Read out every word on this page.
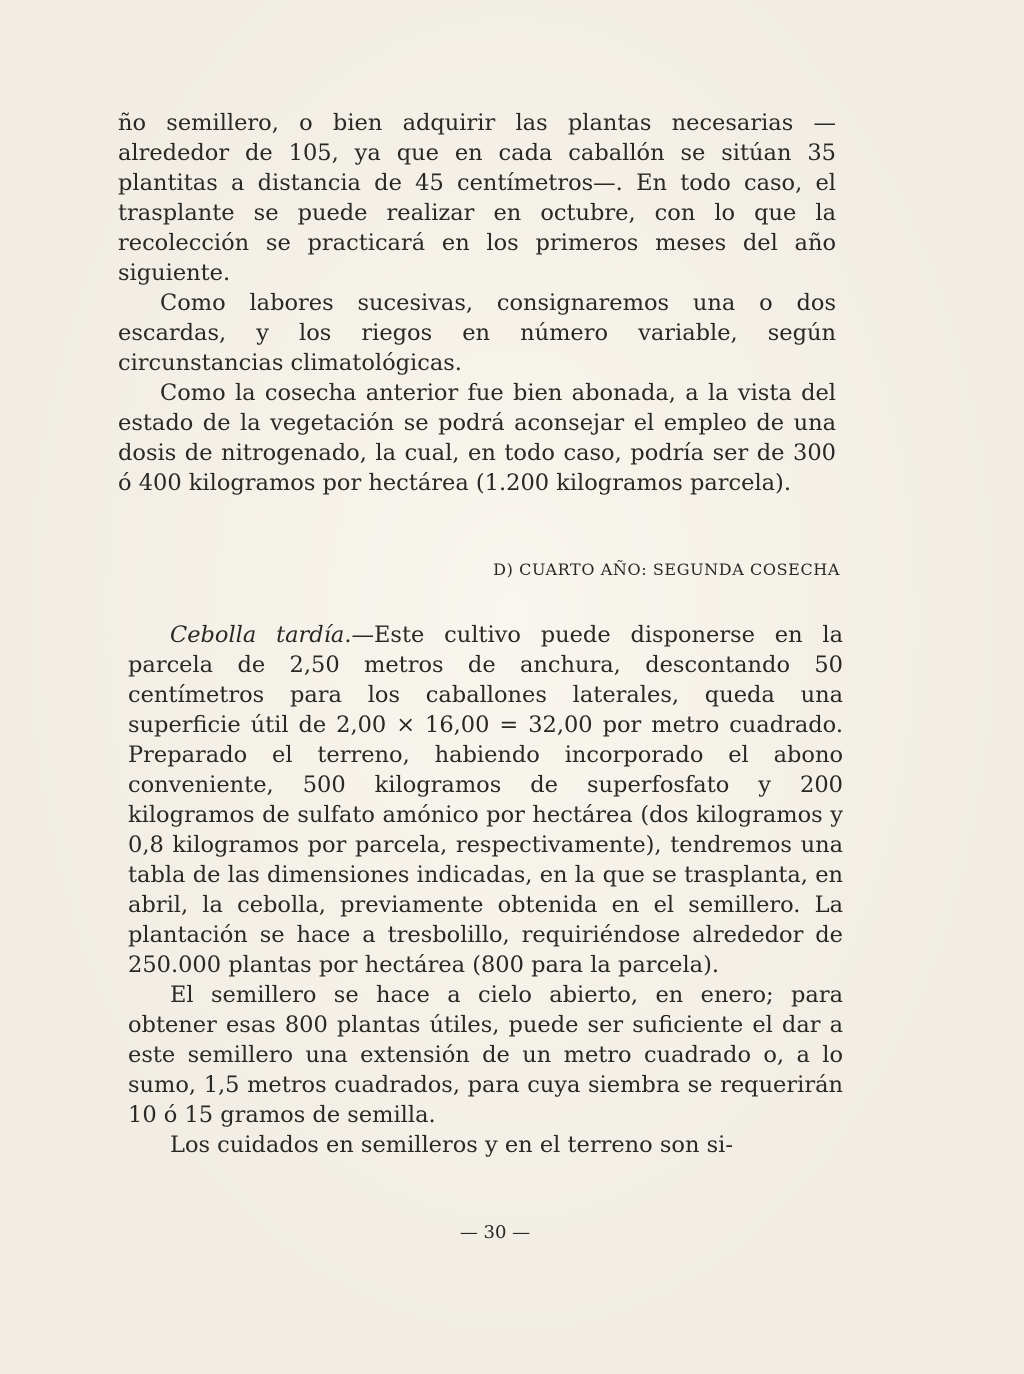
ño semillero, o bien adquirir las plantas necesarias —alrededor de 105, ya que en cada caballón se sitúan 35 plantitas a distancia de 45 centímetros—. En todo caso, el trasplante se puede realizar en octubre, con lo que la recolección se practicará en los primeros meses del año siguiente.

Como labores sucesivas, consignaremos una o dos escardas, y los riegos en número variable, según circunstancias climatológicas.

Como la cosecha anterior fue bien abonada, a la vista del estado de la vegetación se podrá aconsejar el empleo de una dosis de nitrogenado, la cual, en todo caso, podría ser de 300 ó 400 kilogramos por hectárea (1.200 kilogramos parcela).

D) CUARTO AÑO: SEGUNDA COSECHA

Cebolla tardía.—Este cultivo puede disponerse en la parcela de 2,50 metros de anchura, descontando 50 centímetros para los caballones laterales, queda una superficie útil de 2,00 × 16,00 = 32,00 por metro cuadrado. Preparado el terreno, habiendo incorporado el abono conveniente, 500 kilogramos de superfosfato y 200 kilogramos de sulfato amónico por hectárea (dos kilogramos y 0,8 kilogramos por parcela, respectivamente), tendremos una tabla de las dimensiones indicadas, en la que se trasplanta, en abril, la cebolla, previamente obtenida en el semillero. La plantación se hace a tresbolillo, requiriéndose alrededor de 250.000 plantas por hectárea (800 para la parcela).

El semillero se hace a cielo abierto, en enero; para obtener esas 800 plantas útiles, puede ser suficiente el dar a este semillero una extensión de un metro cuadrado o, a lo sumo, 1,5 metros cuadrados, para cuya siembra se requerirán 10 ó 15 gramos de semilla.

Los cuidados en semilleros y en el terreno son si-

— 30 —
